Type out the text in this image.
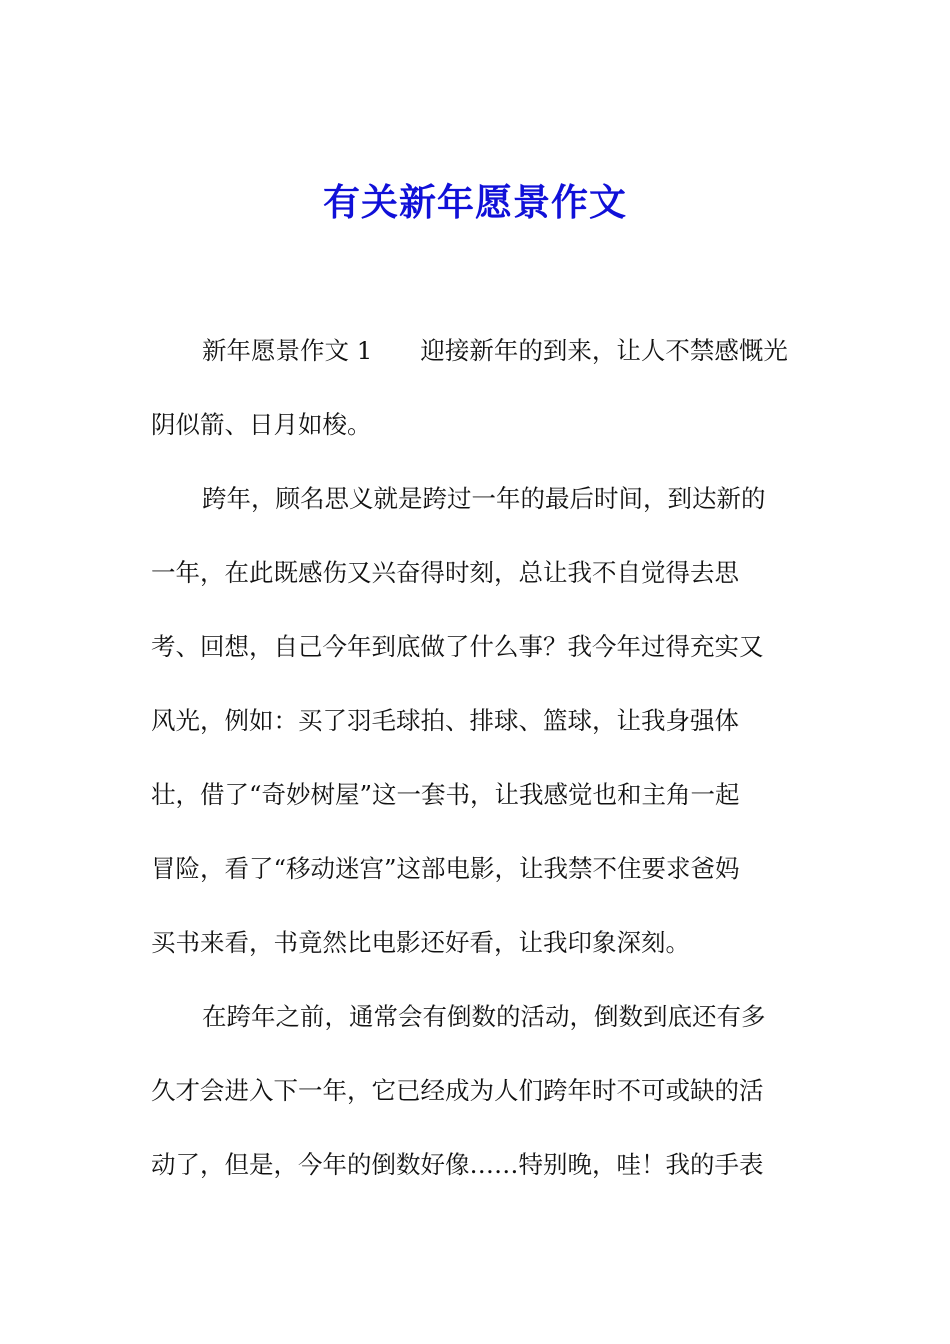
有关新年愿景作文
新年愿景作文 1 迎接新年的到来，让人不禁感慨光
阴似箭、日月如梭。
跨年，顾名思义就是跨过一年的最后时间，到达新的
一年，在此既感伤又兴奋得时刻，总让我不自觉得去思
考、回想，自己今年到底做了什么事？我今年过得充实又
风光，例如：买了羽毛球拍、排球、篮球，让我身强体
壮，借了“奇妙树屋”这一套书，让我感觉也和主角一起
冒险，看了“移动迷宫”这部电影，让我禁不住要求爸妈
买书来看，书竟然比电影还好看，让我印象深刻。
在跨年之前，通常会有倒数的活动，倒数到底还有多
久才会进入下一年，它已经成为人们跨年时不可或缺的活
动了，但是，今年的倒数好像……特别晚，哇！我的手表
